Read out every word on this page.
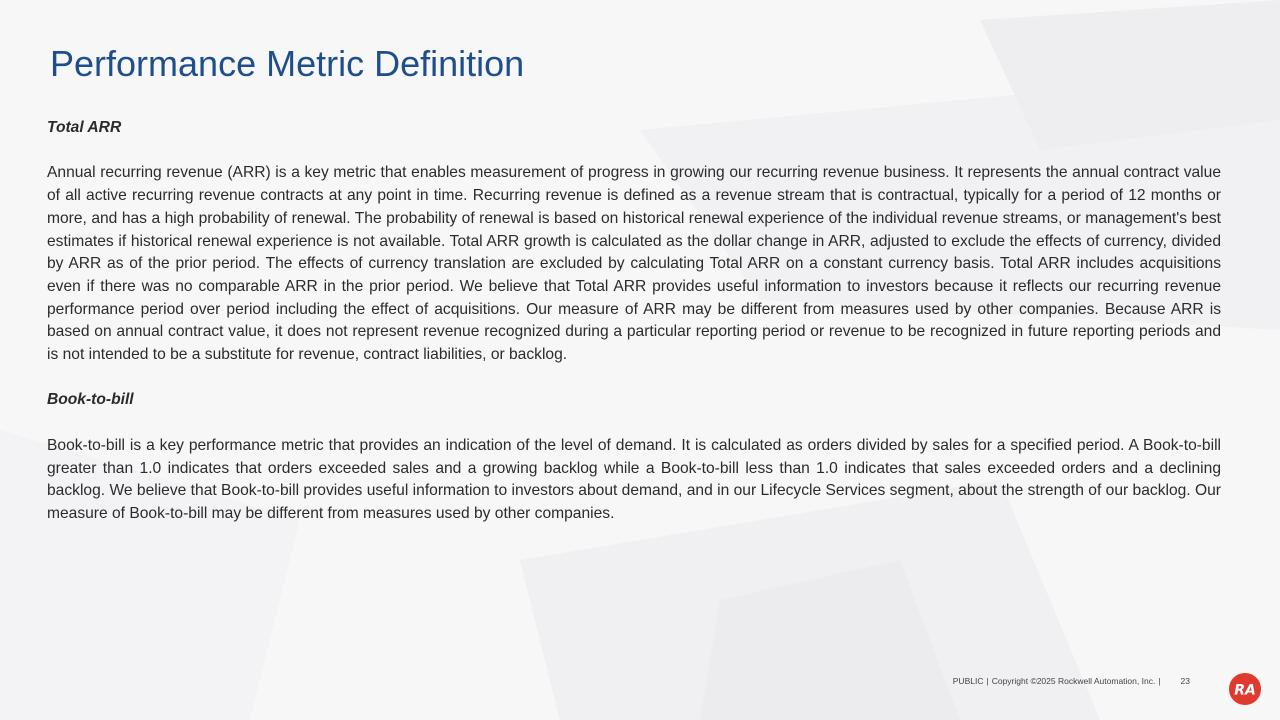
Performance Metric Definition

Total ARR

Annual recurring revenue (ARR) is a key metric that enables measurement of progress in growing our recurring revenue business. It represents the annual contract value of all active recurring revenue contracts at any point in time. Recurring revenue is defined as a revenue stream that is contractual, typically for a period of 12 months or more, and has a high probability of renewal. The probability of renewal is based on historical renewal experience of the individual revenue streams, or management's best estimates if historical renewal experience is not available. Total ARR growth is calculated as the dollar change in ARR, adjusted to exclude the effects of currency, divided by ARR as of the prior period. The effects of currency translation are excluded by calculating Total ARR on a constant currency basis. Total ARR includes acquisitions even if there was no comparable ARR in the prior period. We believe that Total ARR provides useful information to investors because it reflects our recurring revenue performance period over period including the effect of acquisitions. Our measure of ARR may be different from measures used by other companies. Because ARR is based on annual contract value, it does not represent revenue recognized during a particular reporting period or revenue to be recognized in future reporting periods and is not intended to be a substitute for revenue, contract liabilities, or backlog.

Book-to-bill

Book-to-bill is a key performance metric that provides an indication of the level of demand. It is calculated as orders divided by sales for a specified period. A Book-to-bill greater than 1.0 indicates that orders exceeded sales and a growing backlog while a Book-to-bill less than 1.0 indicates that sales exceeded orders and a declining backlog. We believe that Book-to-bill provides useful information to investors about demand, and in our Lifecycle Services segment, about the strength of our backlog. Our measure of Book-to-bill may be different from measures used by other companies.

PUBLIC | Copyright ©2025 Rockwell Automation, Inc. | 23
RA
